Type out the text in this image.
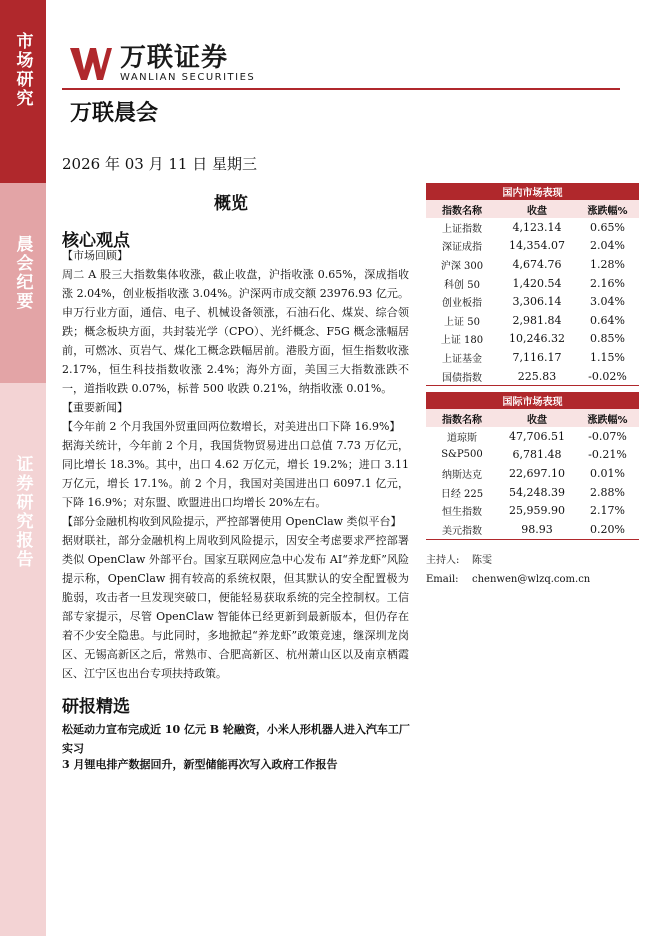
市场研究
晨会纪要
证券研究报告
万联证券
WANLIAN SECURITIES
万联晨会
2026 年 03 月 11 日 星期三
概览
核心观点

【市场回顾】

周二 A 股三大指数集体收涨，截止收盘，沪指收涨 0.65%，深成指收涨 2.04%，创业板指收涨 3.04%。沪深两市成交额 23976.93 亿元。申万行业方面，通信、电子、机械设备领涨，石油石化、煤炭、综合领跌；概念板块方面，共封装光学（CPO）、光纤概念、F5G 概念涨幅居前，可燃冰、页岩气、煤化工概念跌幅居前。港股方面，恒生指数收涨 2.17%，恒生科技指数收涨 2.4%；海外方面，美国三大指数涨跌不一，道指收跌 0.07%，标普 500 收跌 0.21%，纳指收涨 0.01%。

【重要新闻】

【今年前 2 个月我国外贸重回两位数增长，对美进出口下降 16.9%】

据海关统计，今年前 2 个月，我国货物贸易进出口总值 7.73 万亿元，同比增长 18.3%。其中，出口 4.62 万亿元，增长 19.2%；进口 3.11 万亿元，增长 17.1%。前 2 个月，我国对美国进出口 6097.1 亿元，下降 16.9%；对东盟、欧盟进出口均增长 20%左右。

【部分金融机构收到风险提示，严控部署使用 OpenClaw 类似平台】

据财联社，部分金融机构上周收到风险提示，因安全考虑要求严控部署类似 OpenClaw 外部平台。国家互联网应急中心发布 AI“养龙虾”风险提示称，OpenClaw 拥有较高的系统权限，但其默认的安全配置极为脆弱，攻击者一旦发现突破口，便能轻易获取系统的完全控制权。工信部专家提示，尽管 OpenClaw 智能体已经更新到最新版本，但仍存在着不少安全隐患。与此同时，多地掀起“养龙虾”政策竞速，继深圳龙岗区、无锡高新区之后，常熟市、合肥高新区、杭州萧山区以及南京栖霞区、江宁区也出台专项扶持政策。

研报精选
松延动力宣布完成近 10 亿元 B 轮融资，小米人形机器人进入汽车工厂实习
3 月锂电排产数据回升，新型储能再次写入政府工作报告
国内市场表现		
指数名称	收盘	涨跌幅%
上证指数	4,123.14	0.65%
深证成指	14,354.07	2.04%
沪深 300	4,674.76	1.28%
科创 50	1,420.54	2.16%
创业板指	3,306.14	3.04%
上证 50	2,981.84	0.64%
上证 180	10,246.32	0.85%
上证基金	7,116.17	1.15%
国债指数	225.83	-0.02%
国际市场表现		
指数名称	收盘	涨跌幅%
道琼斯	47,706.51	-0.07%
S&P500	6,781.48	-0.21%
纳斯达克	22,697.10	0.01%
日经 225	54,248.39	2.88%
恒生指数	25,959.90	2.17%
美元指数	98.93	0.20%
主持人: 陈雯
Email: chenwen@wlzq.com.cn
